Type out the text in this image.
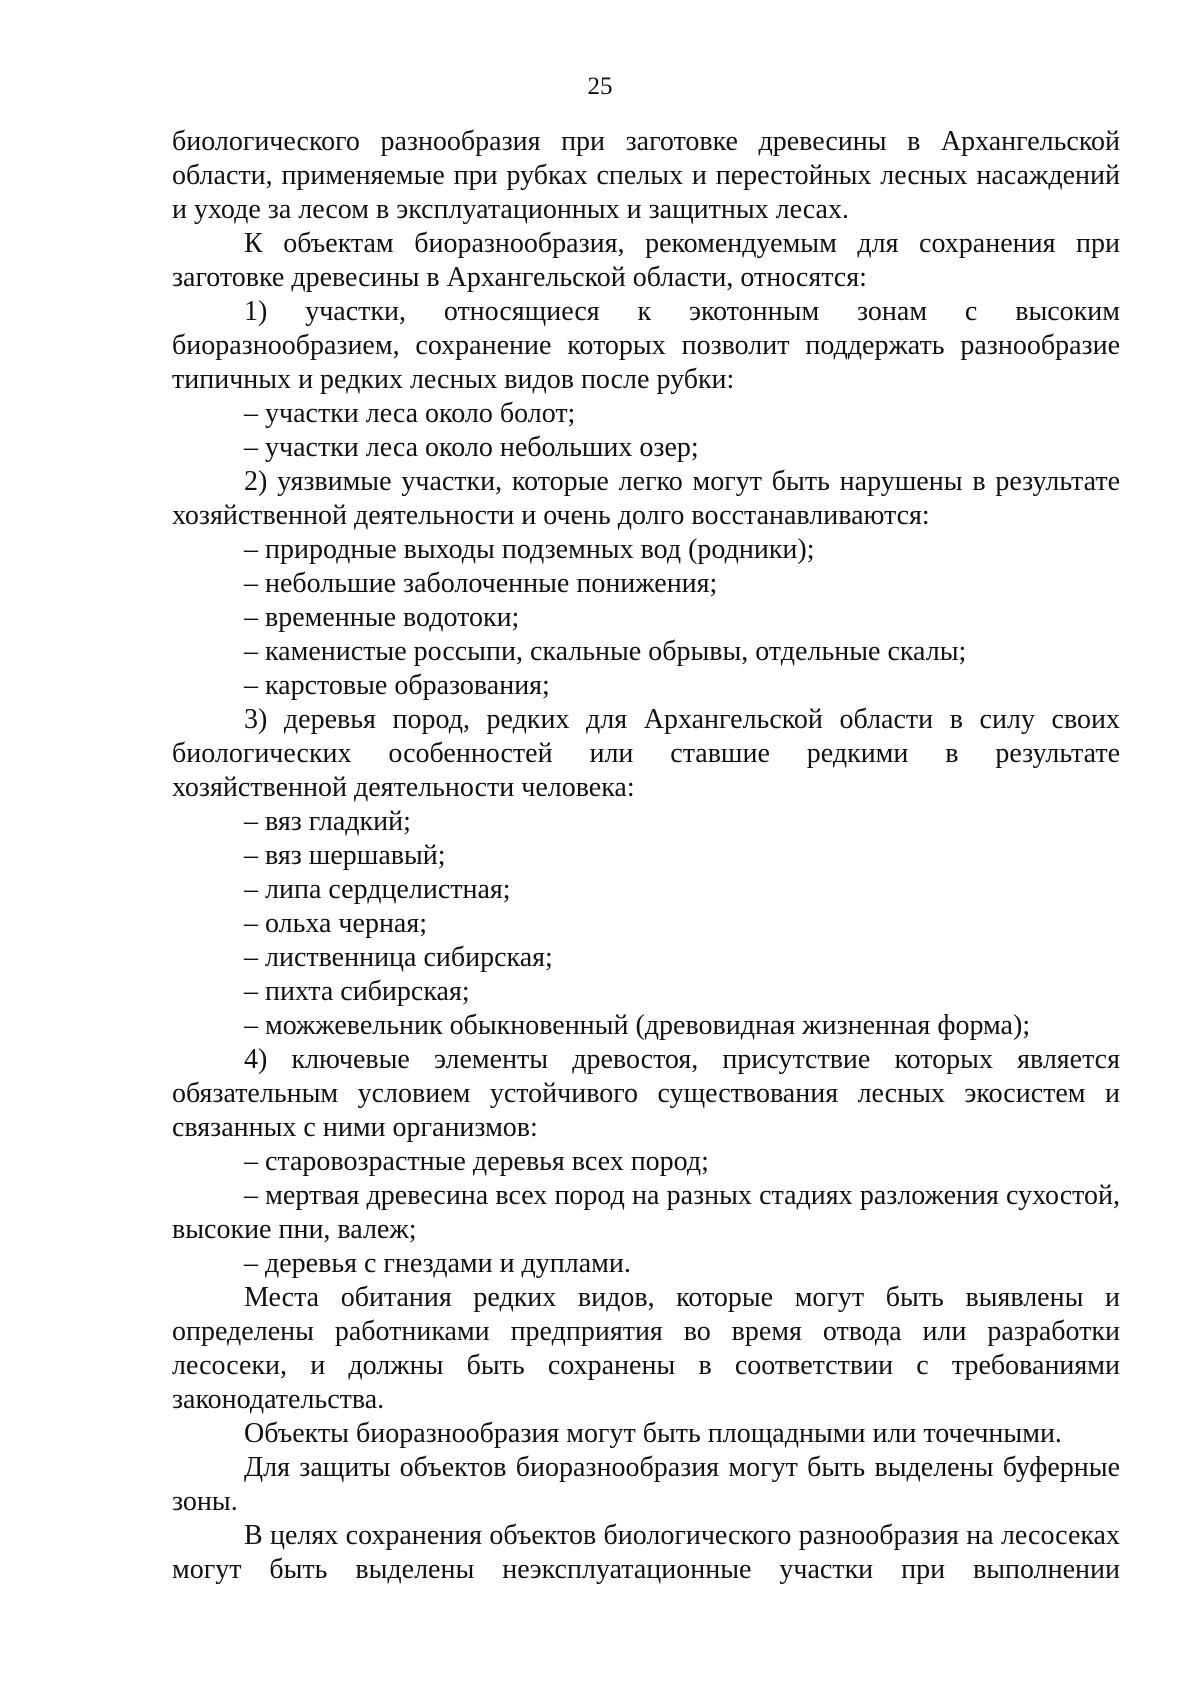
25

биологического разнообразия при заготовке древесины в Архангельской области, применяемые при рубках спелых и перестойных лесных насаждений и уходе за лесом в эксплуатационных и защитных лесах.

К объектам биоразнообразия, рекомендуемым для сохранения при заготовке древесины в Архангельской области, относятся:

1) участки, относящиеся к экотонным зонам с высоким биоразнообразием, сохранение которых позволит поддержать разнообразие типичных и редких лесных видов после рубки:

– участки леса около болот;

– участки леса около небольших озер;

2) уязвимые участки, которые легко могут быть нарушены в результате хозяйственной деятельности и очень долго восстанавливаются:

– природные выходы подземных вод (родники);

– небольшие заболоченные понижения;

– временные водотоки;

– каменистые россыпи, скальные обрывы, отдельные скалы;

– карстовые образования;

3) деревья пород, редких для Архангельской области в силу своих биологических особенностей или ставшие редкими в результате хозяйственной деятельности человека:

– вяз гладкий;

– вяз шершавый;

– липа сердцелистная;

– ольха черная;

– лиственница сибирская;

– пихта сибирская;

– можжевельник обыкновенный (древовидная жизненная форма);

4) ключевые элементы древостоя, присутствие которых является обязательным условием устойчивого существования лесных экосистем и связанных с ними организмов:

– старовозрастные деревья всех пород;

– мертвая древесина всех пород на разных стадиях разложения сухостой, высокие пни, валеж;

– деревья с гнездами и дуплами.

Места обитания редких видов, которые могут быть выявлены и определены работниками предприятия во время отвода или разработки лесосеки, и должны быть сохранены в соответствии с требованиями законодательства.

Объекты биоразнообразия могут быть площадными или точечными.

Для защиты объектов биоразнообразия могут быть выделены буферные зоны.

В целях сохранения объектов биологического разнообразия на лесосеках могут быть выделены неэксплуатационные участки при выполнении
